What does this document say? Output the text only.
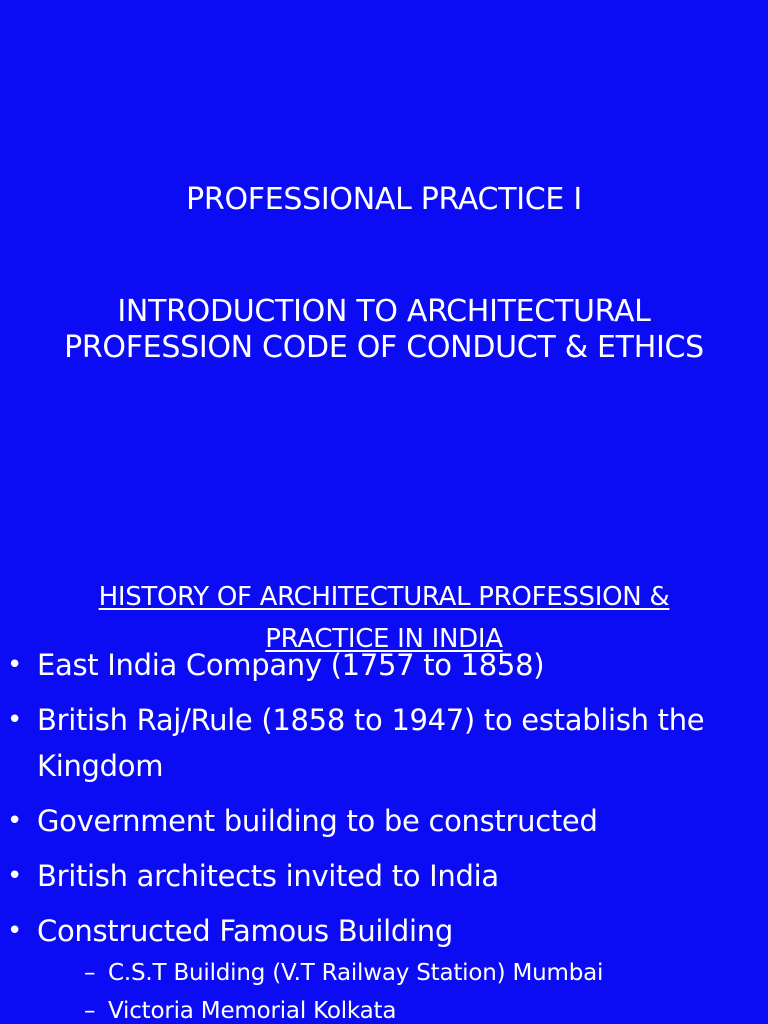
PROFESSIONAL PRACTICE I
INTRODUCTION TO ARCHITECTURAL
PROFESSION CODE OF CONDUCT & ETHICS
HISTORY OF ARCHITECTURAL PROFESSION &
PRACTICE IN INDIA
• East India Company (1757 to 1858)
• British Raj/Rule (1858 to 1947) to establish the Kingdom
• Government building to be constructed
• British architects invited to India
• Constructed Famous Building
– C.S.T Building (V.T Railway Station) Mumbai
– Victoria Memorial Kolkata
